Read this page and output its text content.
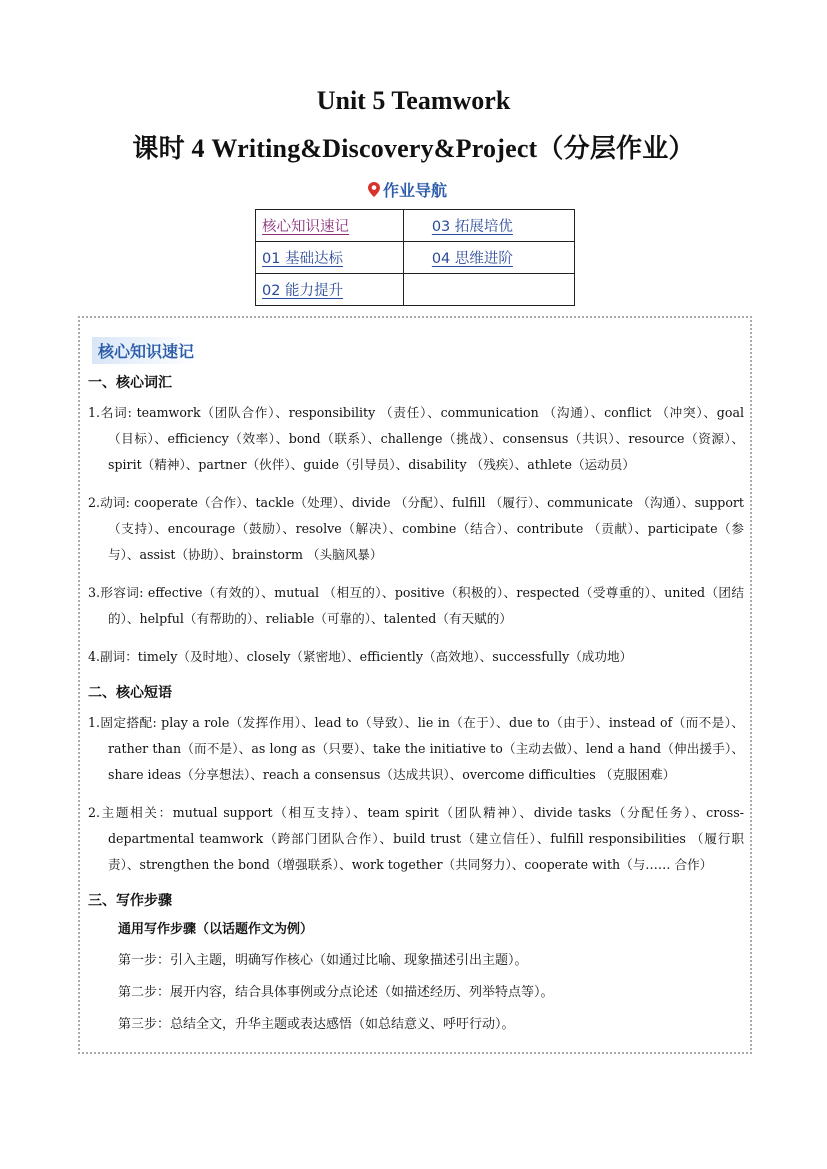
Unit 5 Teamwork
课时 4 Writing&Discovery&Project（分层作业）
作业导航
核心知识速记	03 拓展培优
01 基础达标	04 思维进阶
02 能力提升	
核心知识速记
一、核心词汇
1.名词: teamwork（团队合作）、responsibility （责任）、communication （沟通）、conflict （冲突）、goal（目标）、efficiency（效率）、bond（联系）、challenge（挑战）、consensus（共识）、resource（资源）、spirit（精神）、partner（伙伴）、guide（引导员）、disability （残疾）、athlete（运动员）
2.动词: cooperate（合作）、tackle（处理）、divide （分配）、fulfill （履行）、communicate （沟通）、support（支持）、encourage（鼓励）、resolve（解决）、combine（结合）、contribute （贡献）、participate（参与）、assist（协助）、brainstorm （头脑风暴）
3.形容词: effective（有效的）、mutual （相互的）、positive（积极的）、respected（受尊重的）、united（团结的）、helpful（有帮助的）、reliable（可靠的）、talented（有天赋的）
4.副词：timely（及时地）、closely（紧密地）、efficiently（高效地）、successfully（成功地）
二、核心短语
1.固定搭配: play a role（发挥作用）、lead to（导致）、lie in（在于）、due to（由于）、instead of（而不是）、rather than（而不是）、as long as（只要）、take the initiative to（主动去做）、lend a hand（伸出援手）、share ideas（分享想法）、reach a consensus（达成共识）、overcome difficulties （克服困难）
2.主题相关：mutual support（相互支持）、team spirit（团队精神）、divide tasks（分配任务）、cross-departmental teamwork（跨部门团队合作）、build trust（建立信任）、fulfill responsibilities （履行职责）、strengthen the bond（增强联系）、work together（共同努力）、cooperate with（与…… 合作）
三、写作步骤
通用写作步骤（以话题作文为例）
第一步：引入主题，明确写作核心（如通过比喻、现象描述引出主题）。
第二步：展开内容，结合具体事例或分点论述（如描述经历、列举特点等）。
第三步：总结全文，升华主题或表达感悟（如总结意义、呼吁行动）。
